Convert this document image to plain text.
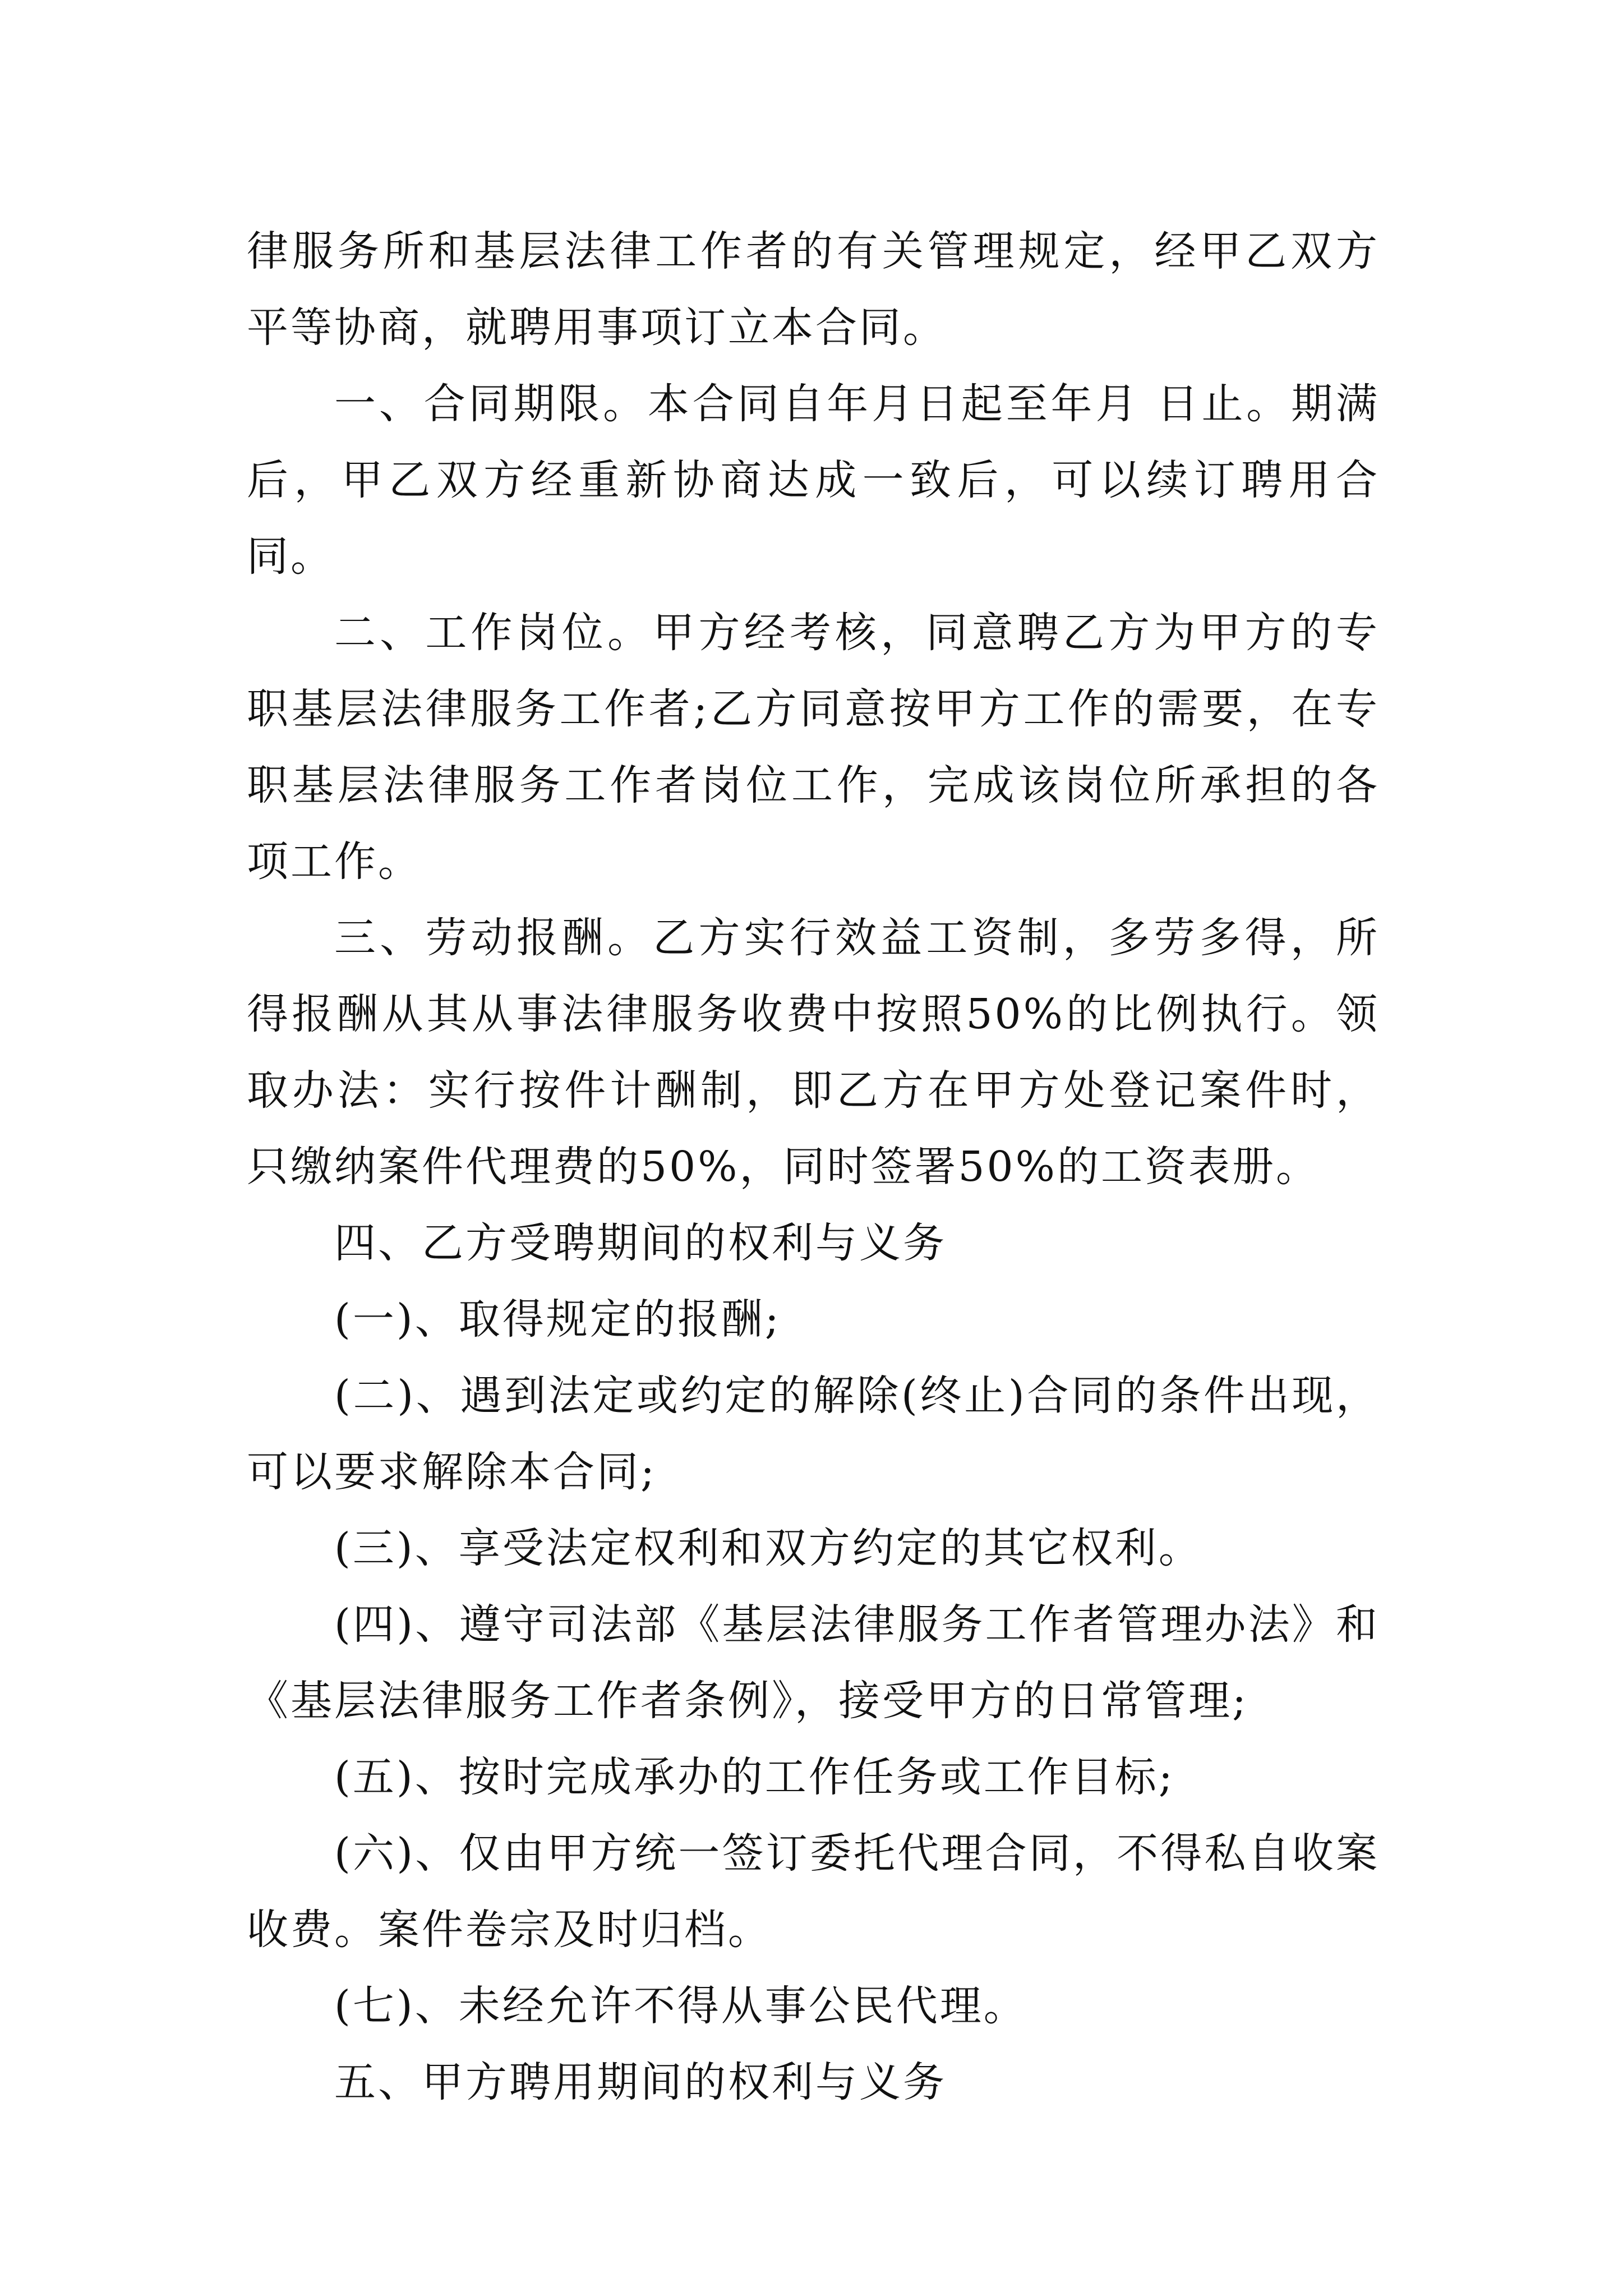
律服务所和基层法律工作者的有关管理规定，经甲乙双方平等协商，就聘用事项订立本合同。

一、合同期限。本合同自年月日起至年月 日止。期满后，甲乙双方经重新协商达成一致后，可以续订聘用合同。

二、工作岗位。甲方经考核，同意聘乙方为甲方的专职基层法律服务工作者;乙方同意按甲方工作的需要，在专职基层法律服务工作者岗位工作，完成该岗位所承担的各项工作。

三、劳动报酬。乙方实行效益工资制，多劳多得，所得报酬从其从事法律服务收费中按照50%的比例执行。领取办法：实行按件计酬制，即乙方在甲方处登记案件时，只缴纳案件代理费的50%，同时签署50%的工资表册。

四、乙方受聘期间的权利与义务

(一)、取得规定的报酬;

(二)、遇到法定或约定的解除(终止)合同的条件出现，可以要求解除本合同;

(三)、享受法定权利和双方约定的其它权利。

(四)、遵守司法部《基层法律服务工作者管理办法》和《基层法律服务工作者条例》，接受甲方的日常管理;

(五)、按时完成承办的工作任务或工作目标;

(六)、仅由甲方统一签订委托代理合同，不得私自收案收费。案件卷宗及时归档。

(七)、未经允许不得从事公民代理。

五、甲方聘用期间的权利与义务
